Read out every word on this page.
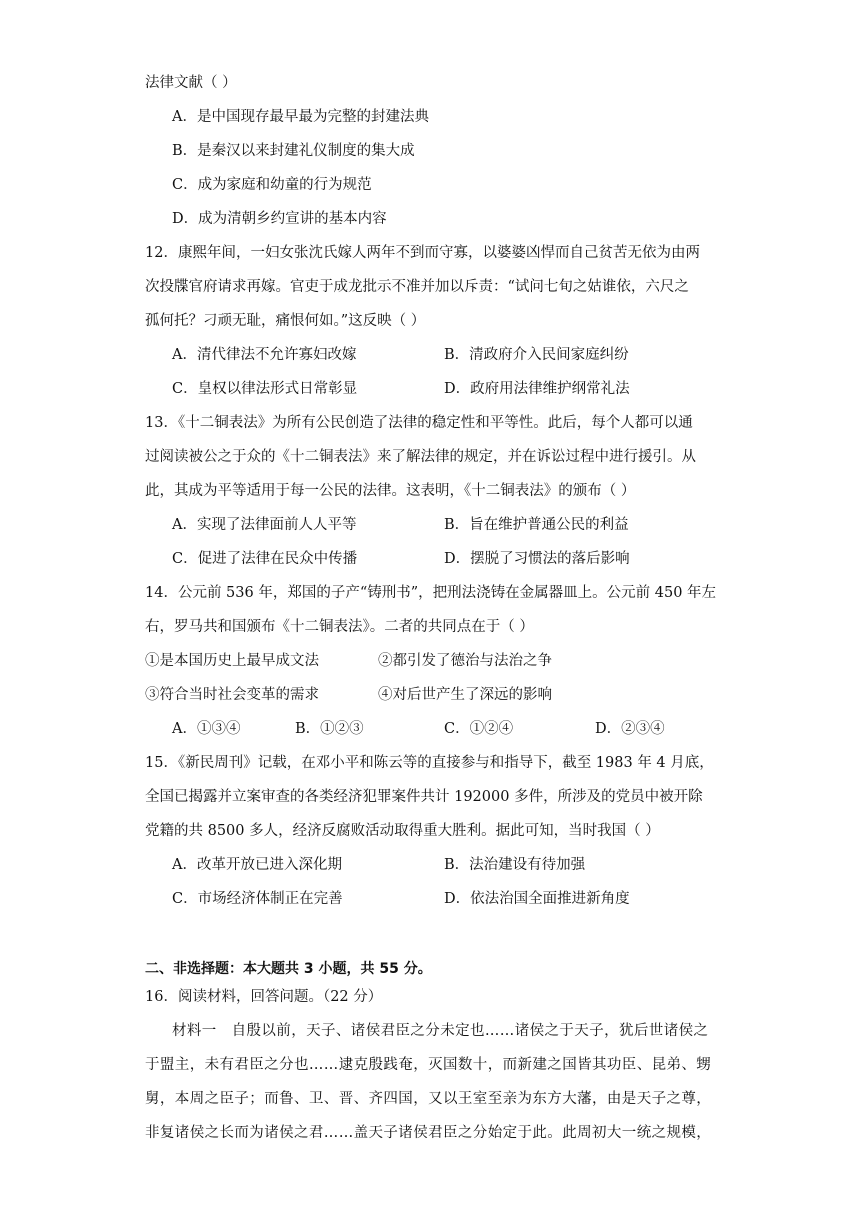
法律文献（ ）
A．是中国现存最早最为完整的封建法典
B．是秦汉以来封建礼仪制度的集大成
C．成为家庭和幼童的行为规范
D．成为清朝乡约宣讲的基本内容
12．康熙年间，一妇女张沈氏嫁人两年不到而守寡，以婆婆凶悍而自己贫苦无依为由两
次投牒官府请求再嫁。官吏于成龙批示不准并加以斥责：“试问七旬之姑谁依，六尺之
孤何托？刁顽无耻，痛恨何如。”这反映（ ）
A．清代律法不允许寡妇改嫁	B．清政府介入民间家庭纠纷
C．皇权以律法形式日常彰显	D．政府用法律维护纲常礼法
13．《十二铜表法》为所有公民创造了法律的稳定性和平等性。此后，每个人都可以通
过阅读被公之于众的《十二铜表法》来了解法律的规定，并在诉讼过程中进行援引。从
此，其成为平等适用于每一公民的法律。这表明，《十二铜表法》的颁布（ ）
A．实现了法律面前人人平等	B．旨在维护普通公民的利益
C．促进了法律在民众中传播	D．摆脱了习惯法的落后影响
14．公元前 536 年，郑国的子产“铸刑书”，把刑法浇铸在金属器皿上。公元前 450 年左
右，罗马共和国颁布《十二铜表法》。二者的共同点在于（ ）
①是本国历史上最早成文法	②都引发了德治与法治之争
③符合当时社会变革的需求	④对后世产生了深远的影响
A．①③④	B．①②③	C．①②④	D．②③④
15．《新民周刊》记载，在邓小平和陈云等的直接参与和指导下，截至 1983 年 4 月底，
全国已揭露并立案审查的各类经济犯罪案件共计 192000 多件，所涉及的党员中被开除
党籍的共 8500 多人，经济反腐败活动取得重大胜利。据此可知，当时我国（ ）
A．改革开放已进入深化期	B．法治建设有待加强
C．市场经济体制正在完善	D．依法治国全面推进新角度
二、非选择题：本大题共 3 小题，共 55 分。
16．阅读材料，回答问题。（22 分）
材料一　自殷以前，天子、诸侯君臣之分未定也……诸侯之于天子，犹后世诸侯之
于盟主，未有君臣之分也……逮克殷践奄，灭国数十，而新建之国皆其功臣、昆弟、甥
舅，本周之臣子；而鲁、卫、晋、齐四国，又以王室至亲为东方大藩，由是天子之尊，
非复诸侯之长而为诸侯之君……盖天子诸侯君臣之分始定于此。此周初大一统之规模，
